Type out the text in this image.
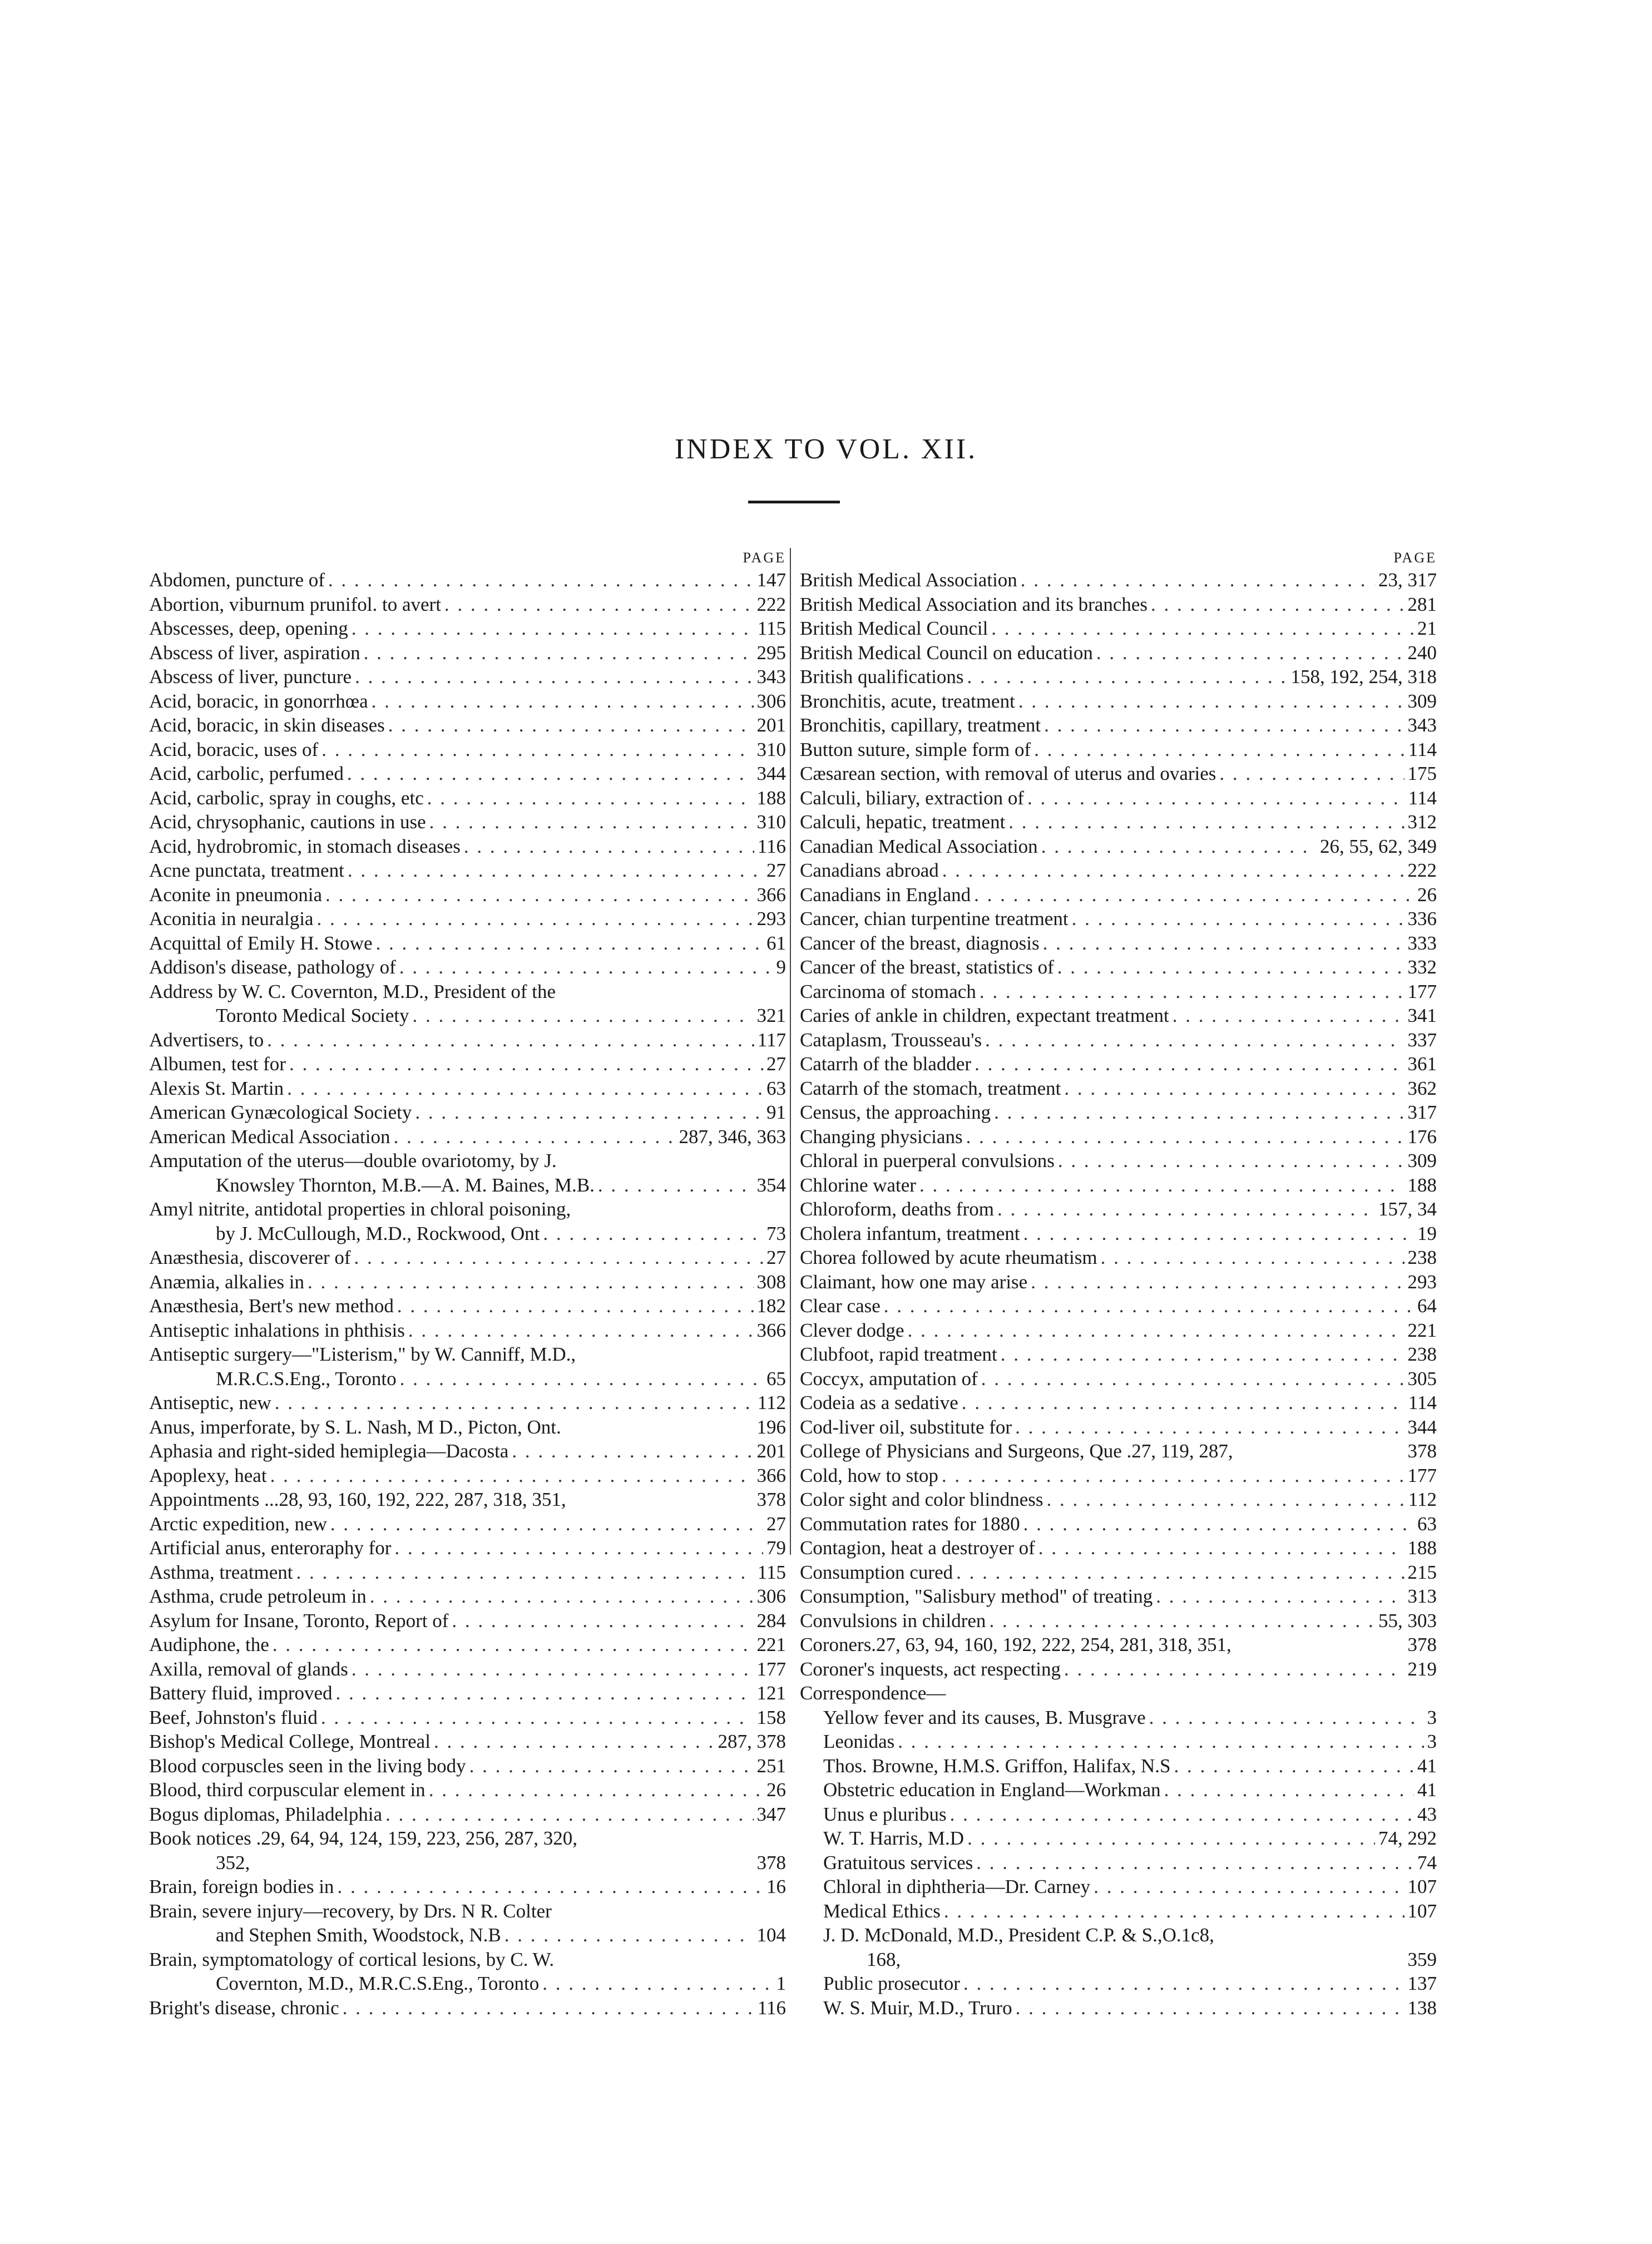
INDEX TO VOL. XII.
PAGE
Abdomen, puncture of . . .	147
Abortion, viburnum prunifol. to avert . . .	222
Abscesses, deep, opening . . .	115
Abscess of liver, aspiration . . .	295
Abscess of liver, puncture . . .	343
Acid, boracic, in gonorrhœa . . .	306
Acid, boracic, in skin diseases . . .	201
Acid, boracic, uses of . . .	310
Acid, carbolic, perfumed . . .	344
Acid, carbolic, spray in coughs, etc . . .	188
Acid, chrysophanic, cautions in use . . .	310
Acid, hydrobromic, in stomach diseases . . .	116
Acne punctata, treatment . . .	27
Aconite in pneumonia . . .	366
Aconitia in neuralgia . . .	293
Acquittal of Emily H. Stowe . . .	61
Addison's disease, pathology of . . .	9
Address by W. C. Covernton, M.D., President of the
Toronto Medical Society . . .	321
Advertisers, to . . .	117
Albumen, test for . . .	27
Alexis St. Martin . . .	63
American Gynæcological Society . . .	91
American Medical Association . . .	287, 346, 363
Amputation of the uterus—double ovariotomy, by J.
Knowsley Thornton, M.B.—A. M. Baines, M.B. . . .	354
Amyl nitrite, antidotal properties in chloral poisoning,
by J. McCullough, M.D., Rockwood, Ont . . .	73
Anæsthesia, discoverer of . . .	27
Anæmia, alkalies in . . .	308
Anæsthesia, Bert's new method . . .	182
Antiseptic inhalations in phthisis . . .	366
Antiseptic surgery—"Listerism," by W. Canniff, M.D.,
M.R.C.S.Eng., Toronto . . .	65
Antiseptic, new . . .	112
Anus, imperforate, by S. L. Nash, M D., Picton, Ont.	196
Aphasia and right-sided hemiplegia—Dacosta . . .	201
Apoplexy, heat . . .	366
Appointments ...28, 93, 160, 192, 222, 287, 318, 351,	378
Arctic expedition, new . . .	27
Artificial anus, enteroraphy for . . .	79
Asthma, treatment . . .	115
Asthma, crude petroleum in . . .	306
Asylum for Insane, Toronto, Report of . . .	284
Audiphone, the . . .	221
Axilla, removal of glands . . .	177
Battery fluid, improved . . .	121
Beef, Johnston's fluid . . .	158
Bishop's Medical College, Montreal . . .	287, 378
Blood corpuscles seen in the living body . . .	251
Blood, third corpuscular element in . . .	26
Bogus diplomas, Philadelphia . . .	347
Book notices .29, 64, 94, 124, 159, 223, 256, 287, 320,
352,	378
Brain, foreign bodies in . . .	16
Brain, severe injury—recovery, by Drs. N R. Colter
and Stephen Smith, Woodstock, N.B . . .	104
Brain, symptomatology of cortical lesions, by C. W.
Covernton, M.D., M.R.C.S.Eng., Toronto . . .	1
Bright's disease, chronic . . .	116
PAGE
British Medical Association . . .	23, 317
British Medical Association and its branches . . .	281
British Medical Council . . .	21
British Medical Council on education . . .	240
British qualifications . . .	158, 192, 254, 318
Bronchitis, acute, treatment . . .	309
Bronchitis, capillary, treatment . . .	343
Button suture, simple form of . . .	114
Cæsarean section, with removal of uterus and ovaries . . .	175
Calculi, biliary, extraction of . . .	114
Calculi, hepatic, treatment . . .	312
Canadian Medical Association . . .	26, 55, 62, 349
Canadians abroad . . .	222
Canadians in England . . .	26
Cancer, chian turpentine treatment . . .	336
Cancer of the breast, diagnosis . . .	333
Cancer of the breast, statistics of . . .	332
Carcinoma of stomach . . .	177
Caries of ankle in children, expectant treatment . . .	341
Cataplasm, Trousseau's . . .	337
Catarrh of the bladder . . .	361
Catarrh of the stomach, treatment . . .	362
Census, the approaching . . .	317
Changing physicians . . .	176
Chloral in puerperal convulsions . . .	309
Chlorine water . . .	188
Chloroform, deaths from . . .	157, 34
Cholera infantum, treatment . . .	19
Chorea followed by acute rheumatism . . .	238
Claimant, how one may arise . . .	293
Clear case . . .	64
Clever dodge . . .	221
Clubfoot, rapid treatment . . .	238
Coccyx, amputation of . . .	305
Codeia as a sedative . . .	114
Cod-liver oil, substitute for . . .	344
College of Physicians and Surgeons, Que .27, 119, 287,	378
Cold, how to stop . . .	177
Color sight and color blindness . . .	112
Commutation rates for 1880 . . .	63
Contagion, heat a destroyer of . . .	188
Consumption cured . . .	215
Consumption, "Salisbury method" of treating . . .	313
Convulsions in children . . .	55, 303
Coroners.27, 63, 94, 160, 192, 222, 254, 281, 318, 351,	378
Coroner's inquests, act respecting . . .	219
Correspondence—
Yellow fever and its causes, B. Musgrave . . .	3
Leonidas . . .	3
Thos. Browne, H.M.S. Griffon, Halifax, N.S . . .	41
Obstetric education in England—Workman . . .	41
Unus e pluribus . . .	43
W. T. Harris, M.D . . .	74, 292
Gratuitous services . . .	74
Chloral in diphtheria—Dr. Carney . . .	107
Medical Ethics . . .	107
J. D. McDonald, M.D., President C.P. & S.,O.1c8,
168,	359
Public prosecutor . . .	137
W. S. Muir, M.D., Truro . . .	138
